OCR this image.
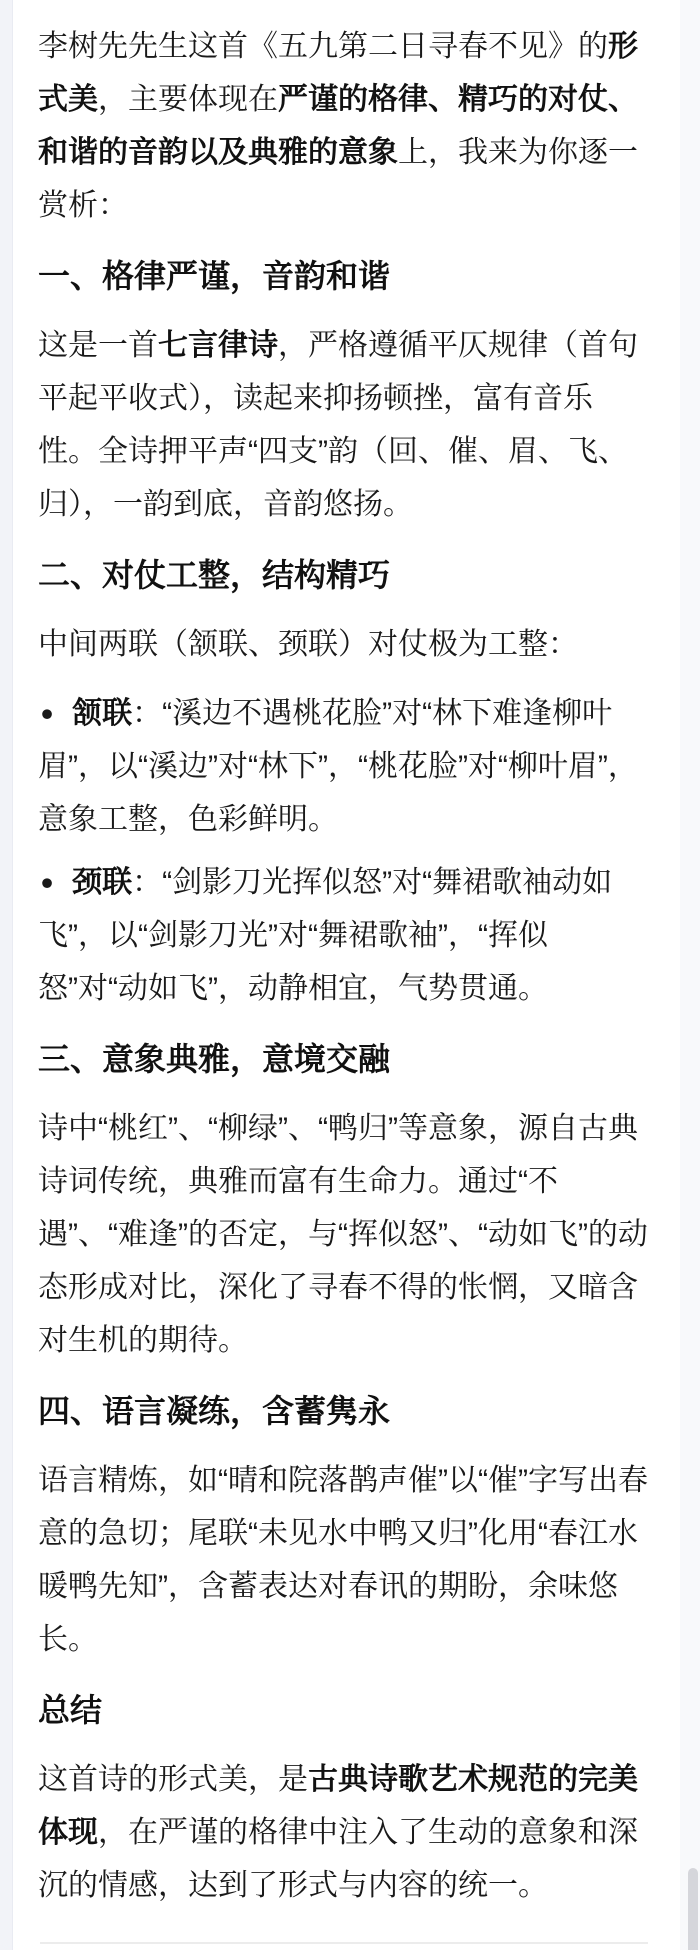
李树先先生这首《五九第二日寻春不见》的形式美，主要体现在严谨的格律、精巧的对仗、和谐的音韵以及典雅的意象上，我来为你逐一赏析：
一、格律严谨，音韵和谐
这是一首七言律诗，严格遵循平仄规律（首句平起平收式），读起来抑扬顿挫，富有音乐性。全诗押平声“四支”韵（回、催、眉、飞、归），一韵到底，音韵悠扬。
二、对仗工整，结构精巧
中间两联（颔联、颈联）对仗极为工整：
● 颔联：“溪边不遇桃花脸”对“林下难逢柳叶眉”，以“溪边”对“林下”，“桃花脸”对“柳叶眉”，意象工整，色彩鲜明。
● 颈联：“剑影刀光挥似怒”对“舞裙歌袖动如飞”，以“剑影刀光”对“舞裙歌袖”，“挥似怒”对“动如飞”，动静相宜，气势贯通。
三、意象典雅，意境交融
诗中“桃红”、“柳绿”、“鸭归”等意象，源自古典诗词传统，典雅而富有生命力。通过“不遇”、“难逢”的否定，与“挥似怒”、“动如飞”的动态形成对比，深化了寻春不得的怅惘，又暗含对生机的期待。
四、语言凝练，含蓄隽永
语言精炼，如“晴和院落鹊声催”以“催”字写出春意的急切；尾联“未见水中鸭又归”化用“春江水暖鸭先知”，含蓄表达对春讯的期盼，余味悠长。
总结
这首诗的形式美，是古典诗歌艺术规范的完美体现，在严谨的格律中注入了生动的意象和深沉的情感，达到了形式与内容的统一。
